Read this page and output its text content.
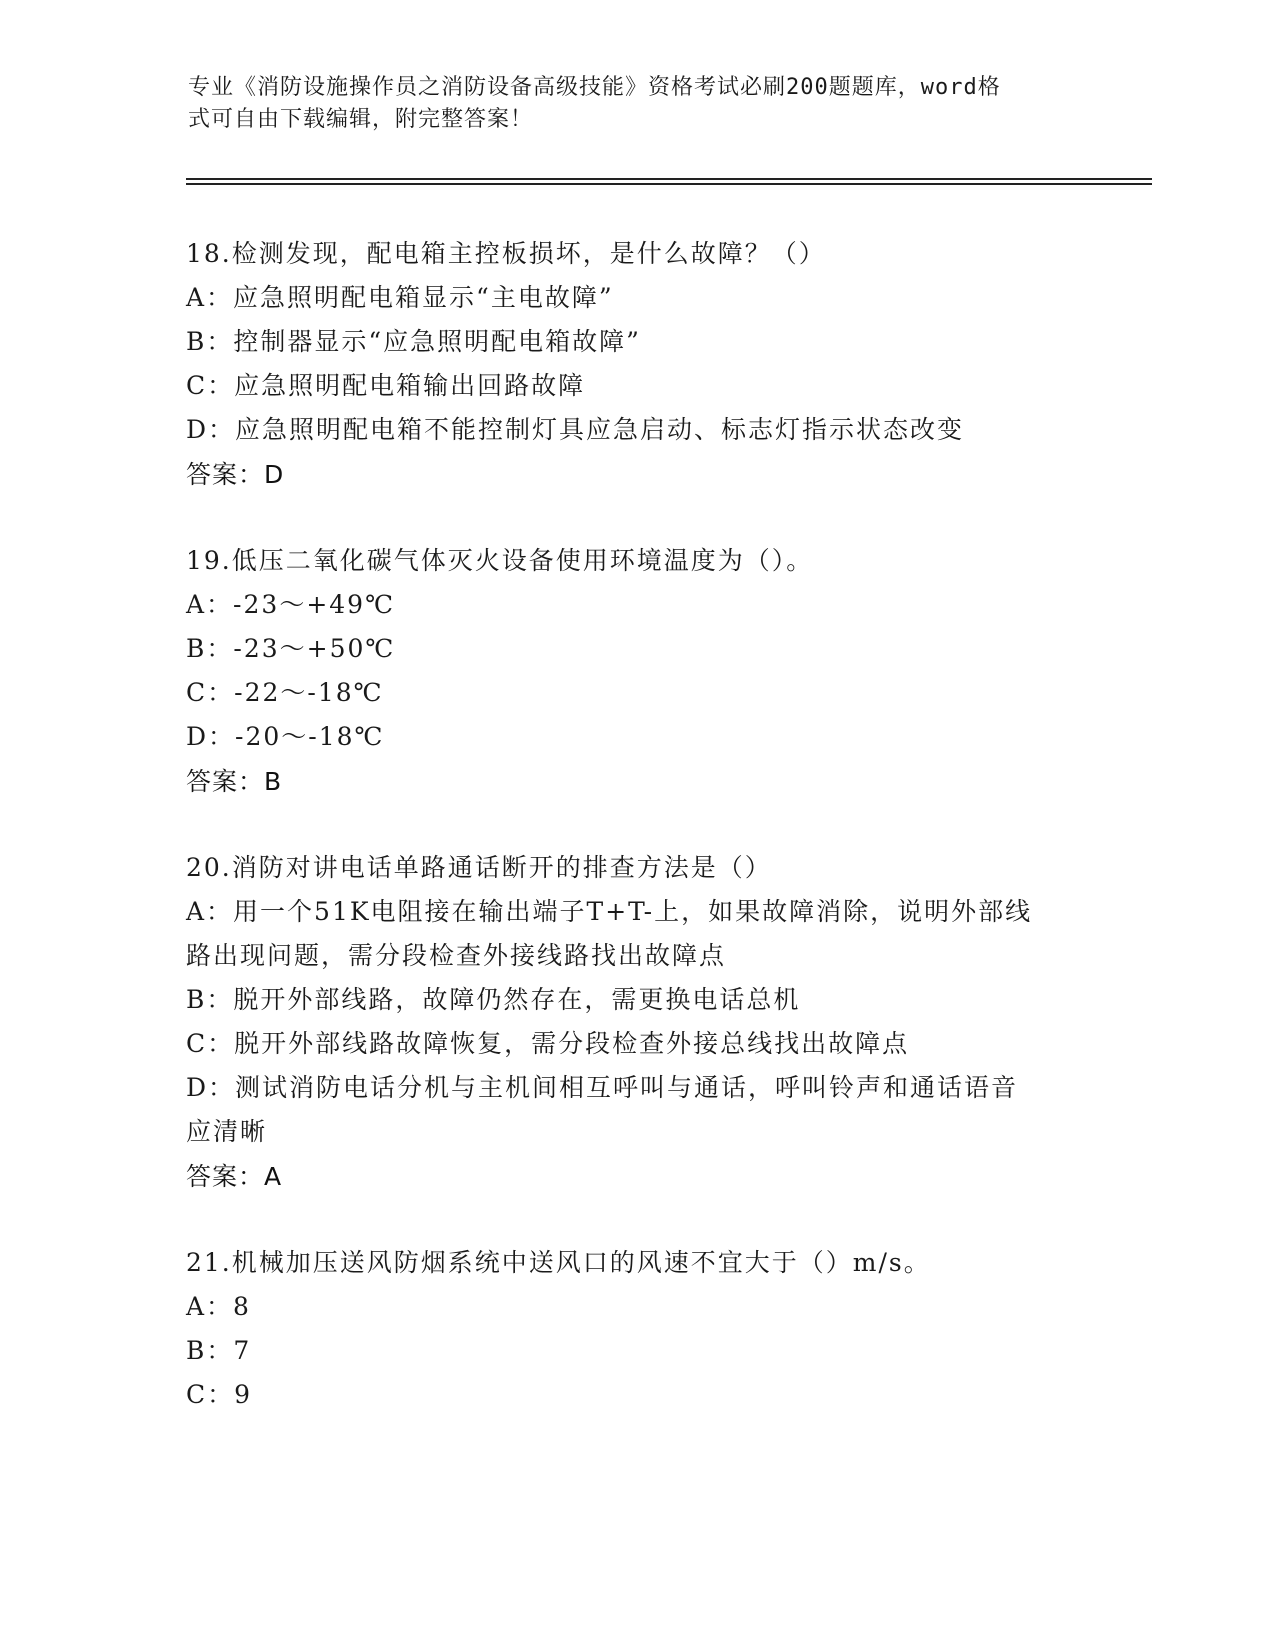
专业《消防设施操作员之消防设备高级技能》资格考试必刷200题题库，word格
式可自由下载编辑，附完整答案！
18.检测发现，配电箱主控板损坏，是什么故障？（）
A：应急照明配电箱显示“主电故障”
B：控制器显示“应急照明配电箱故障”
C：应急照明配电箱输出回路故障
D：应急照明配电箱不能控制灯具应急启动、标志灯指示状态改变
答案：D
19.低压二氧化碳气体灭火设备使用环境温度为（）。
A：-23～+49℃
B：-23～+50℃
C：-22～-18℃
D：-20～-18℃
答案：B
20.消防对讲电话单路通话断开的排查方法是（）
A：用一个51K电阻接在输出端子T+T-上，如果故障消除，说明外部线
路出现问题，需分段检查外接线路找出故障点
B：脱开外部线路，故障仍然存在，需更换电话总机
C：脱开外部线路故障恢复，需分段检查外接总线找出故障点
D：测试消防电话分机与主机间相互呼叫与通话，呼叫铃声和通话语音
应清晰
答案：A
21.机械加压送风防烟系统中送风口的风速不宜大于（）m/s。
A：8
B：7
C：9
